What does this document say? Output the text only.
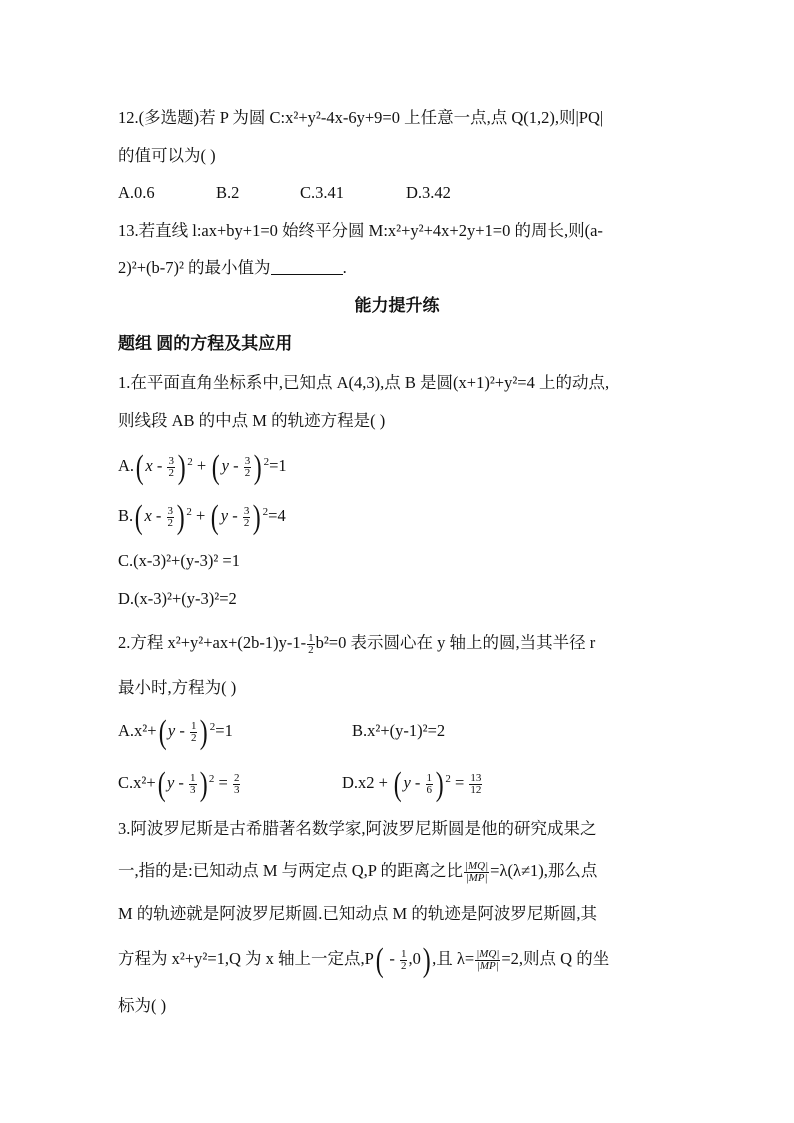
12.(多选题)若 P 为圆 C:x²+y²-4x-6y+9=0 上任意一点,点 Q(1,2),则|PQ|
的值可以为( )
A.0.6	B.2	C.3.41	D.3.42
13.若直线 l:ax+by+1=0 始终平分圆 M:x²+y²+4x+2y+1=0 的周长,则(a-
2)²+(b-7)² 的最小值为	.
能力提升练
题组 圆的方程及其应用
1.在平面直角坐标系中,已知点 A(4,3),点 B 是圆(x+1)²+y²=4 上的动点,
则线段 AB 的中点 M 的轨迹方程是( )
A.( x - $\frac{3}{2}$ ) $^2$ + ( y - $\frac{3}{2}$ ) $^2$=1
B.( x - $\frac{3}{2}$ ) $^2$ + ( y - $\frac{3}{2}$ ) $^2$=4
C.(x-3)²+(y-3)² =1
D.(x-3)²+(y-3)²=2
2.方程 $x^2+y^2+ax+(2b-1)y-1- \frac{1}{2} b^2=0$ 表示圆心在 y 轴上的圆,当其半径 r
最小时,方程为( )
A.x²+( y - $\frac{1}{2}$ ) $^2$=1	B.x²+(y-1)²=2
C.x²+( y - $\frac{1}{3}$ ) $^2 = \frac{2}{3}$	D.x2 + ( y - $\frac{1}{6}$ ) $^2 = \frac{13}{12}$
3.阿波罗尼斯是古希腊著名数学家,阿波罗尼斯圆是他的研究成果之
一,指的是:已知动点 M 与两定点 Q,P 的距离之比 $\frac{|MQ|}{|MP|} =\lambda(\lambda\ne 1)$,那么点
M 的轨迹就是阿波罗尼斯圆.已知动点 M 的轨迹是阿波罗尼斯圆,其
方程为 x²+y²=1,Q 为 x 轴上一定点$,P( - \frac{1}{2} ,0)$ ,且 $\lambda= \frac{|MQ|}{|MP|} =2$,则点 Q 的坐
标为( )
